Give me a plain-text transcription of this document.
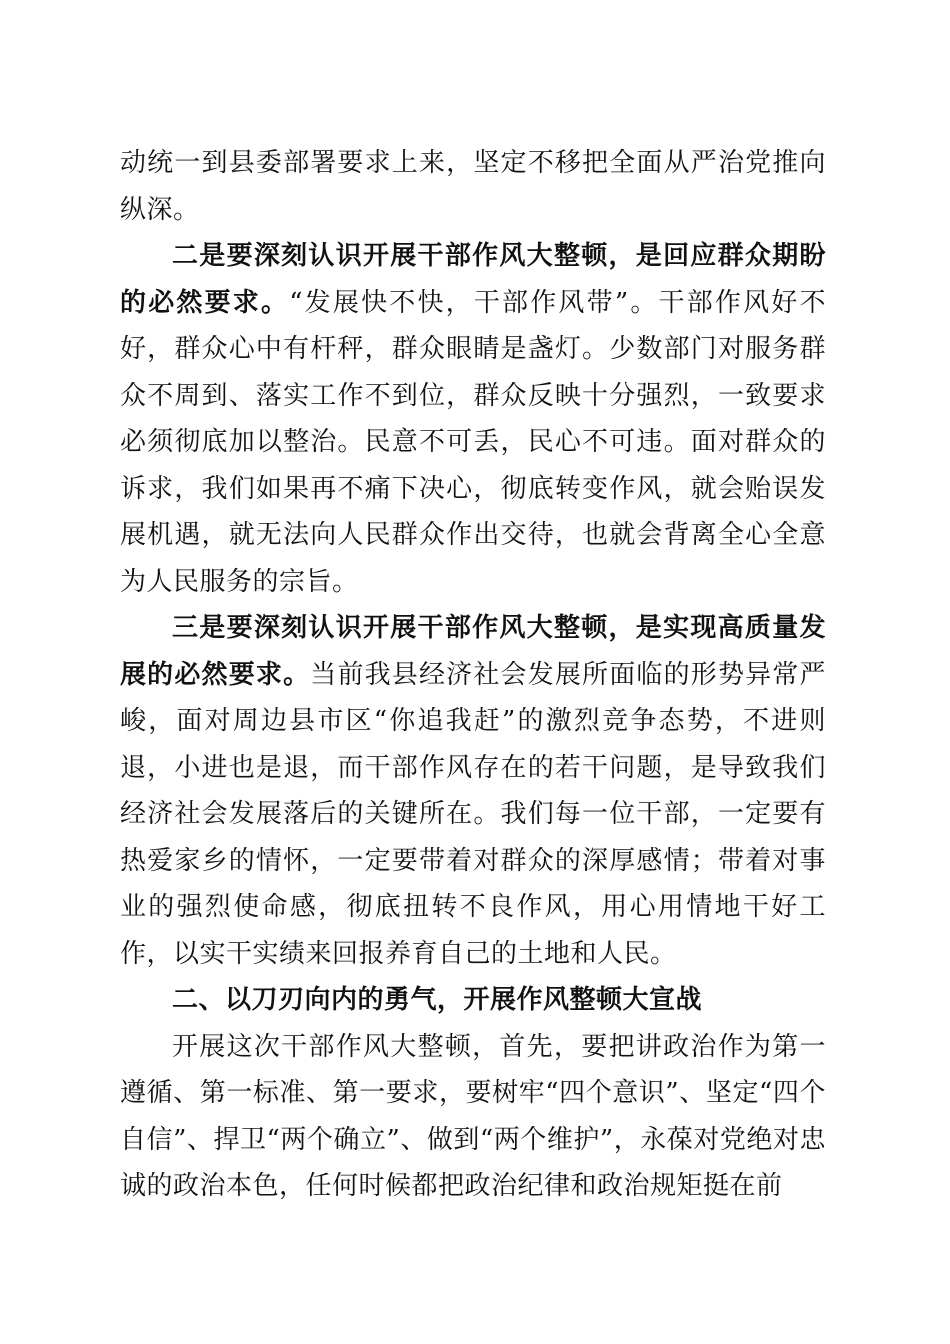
动统一到县委部署要求上来，坚定不移把全面从严治党推向纵深。

二是要深刻认识开展干部作风大整顿，是回应群众期盼的必然要求。“发展快不快，干部作风带”。干部作风好不好，群众心中有杆秤，群众眼睛是盏灯。少数部门对服务群众不周到、落实工作不到位，群众反映十分强烈，一致要求必须彻底加以整治。民意不可丢，民心不可违。面对群众的诉求，我们如果再不痛下决心，彻底转变作风，就会贻误发展机遇，就无法向人民群众作出交待，也就会背离全心全意为人民服务的宗旨。

三是要深刻认识开展干部作风大整顿，是实现高质量发展的必然要求。当前我县经济社会发展所面临的形势异常严峻，面对周边县市区“你追我赶”的激烈竞争态势，不进则退，小进也是退，而干部作风存在的若干问题，是导致我们经济社会发展落后的关键所在。我们每一位干部，一定要有热爱家乡的情怀，一定要带着对群众的深厚感情；带着对事业的强烈使命感，彻底扭转不良作风，用心用情地干好工作，以实干实绩来回报养育自己的土地和人民。

二、以刀刃向内的勇气，开展作风整顿大宣战

开展这次干部作风大整顿，首先，要把讲政治作为第一遵循、第一标准、第一要求，要树牢“四个意识”、坚定“四个自信”、捍卫“两个确立”、做到“两个维护”，永葆对党绝对忠诚的政治本色，任何时候都把政治纪律和政治规矩挺在前
